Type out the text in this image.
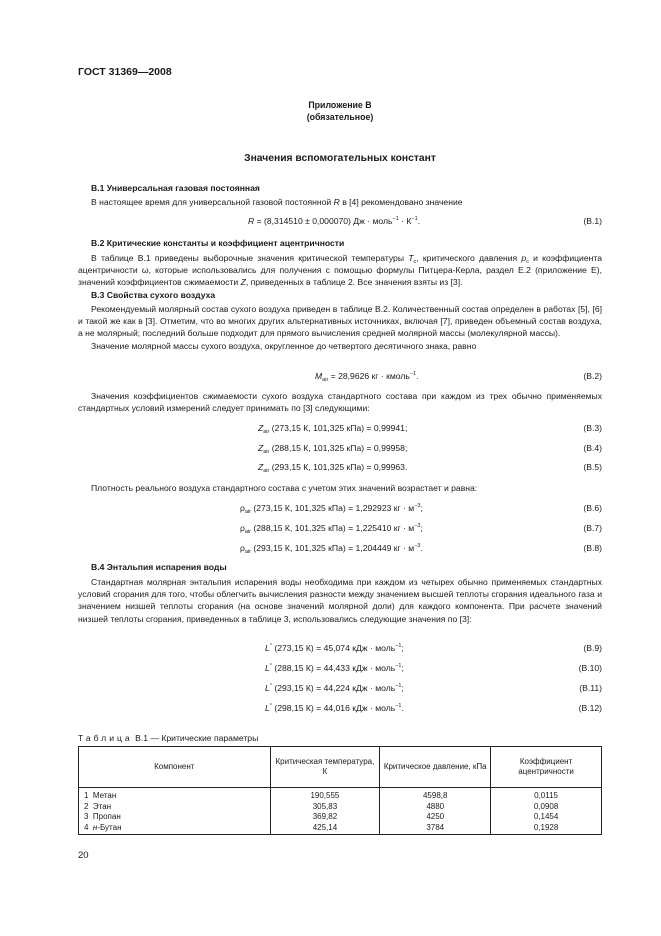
ГОСТ 31369—2008
Приложение В
(обязательное)
Значения вспомогательных констант
В.1 Универсальная газовая постоянная

В настоящее время для универсальной газовой постоянной R в [4] рекомендовано значение

R = (8,314510 ± 0,000070) Дж · моль$^{-1}$ · $К^{-1}$.	(В.1)
В.2 Критические константы и коэффициент ацентричности

В таблице В.1 приведены выборочные значения критической температуры $T_c$, критического давления $p_c$ и коэффициента ацентричности ω, которые использовались для получения с помощью формулы Питцера-Керла, раздел Е.2 (приложение Е), значений коэффициентов сжимаемости Z, приведенных в таблице 2. Все значения взяты из [3].

В.3 Свойства сухого воздуха

Рекомендуемый молярный состав сухого воздуха приведен в таблице В.2. Количественный состав определен в работах [5], [6] и такой же как в [3]. Отметим, что во многих других альтернативных источниках, включая [7], приведен объемный состав воздуха, а не молярный; последний больше подходит для прямого вычисления средней молярной массы (молекулярной массы).

Значение молярной массы сухого воздуха, округленное до четвертого десятичного знака, равно

$M_{air} = 28,9626$ кг · кмоль$^{-1}$.	(В.2)

Значения коэффициентов сжимаемости сухого воздуха стандартного состава при каждом из трех обычно применяемых стандартных условий измерений следует принимать по [3] следующими:

$Z_{air}$ (273,15 К, 101,325 кПа) = 0,99941;	(В.3)
$Z_{air}$ (288,15 К, 101,325 кПа) = 0,99958;	(В.4)
$Z_{air}$ (293,15 К, 101,325 кПа) = 0,99963.	(В.5)

Плотность реального воздуха стандартного состава с учетом этих значений возрастает и равна:

$\rho_{air}$ (273,15 К, 101,325 кПа) = 1,292923 кг · $м^{-3}$;	(В.6)
$\rho_{air}$ (288,15 К, 101,325 кПа) = 1,225410 кг · $м^{-3}$;	(В.7)
$\rho_{air}$ (293,15 К, 101,325 кПа) = 1,204449 кг · $м^{-3}$.	(В.8)
В.4 Энтальпия испарения воды

Стандартная молярная энтальпия испарения воды необходима при каждом из четырех обычно применяемых стандартных условий сгорания для того, чтобы облегчить вычисления разности между значением высшей теплоты сгорания идеального газа и значением низшей теплоты сгорания (на основе значений молярной доли) для каждого компонента. При расчете значений низшей теплоты сгорания, приведенных в таблице 3, использовались следующие значения по [3]:

L° (273,15 К) = 45,074 кДж · моль$^{-1}$;	(В.9)
L° (288,15 К) = 44,433 кДж · моль$^{-1}$;	(В.10)
L° (293,15 К) = 44,224 кДж · моль$^{-1}$;	(В.11)
L° (298,15 К) = 44,016 кДж · моль$^{-1}$.	(В.12)
Таблица В.1 — Критические параметры
Компонент	Критическая температура, К	Критическое давление, кПа	Коэффициент ацентричности
1 Метан	190,555	4598,8	0,0115
2 Этан	305,83	4880	0,0908
3 Пропан	369,82	4250	0,1454
4 н-Бутан	425,14	3784	0,1928
20
